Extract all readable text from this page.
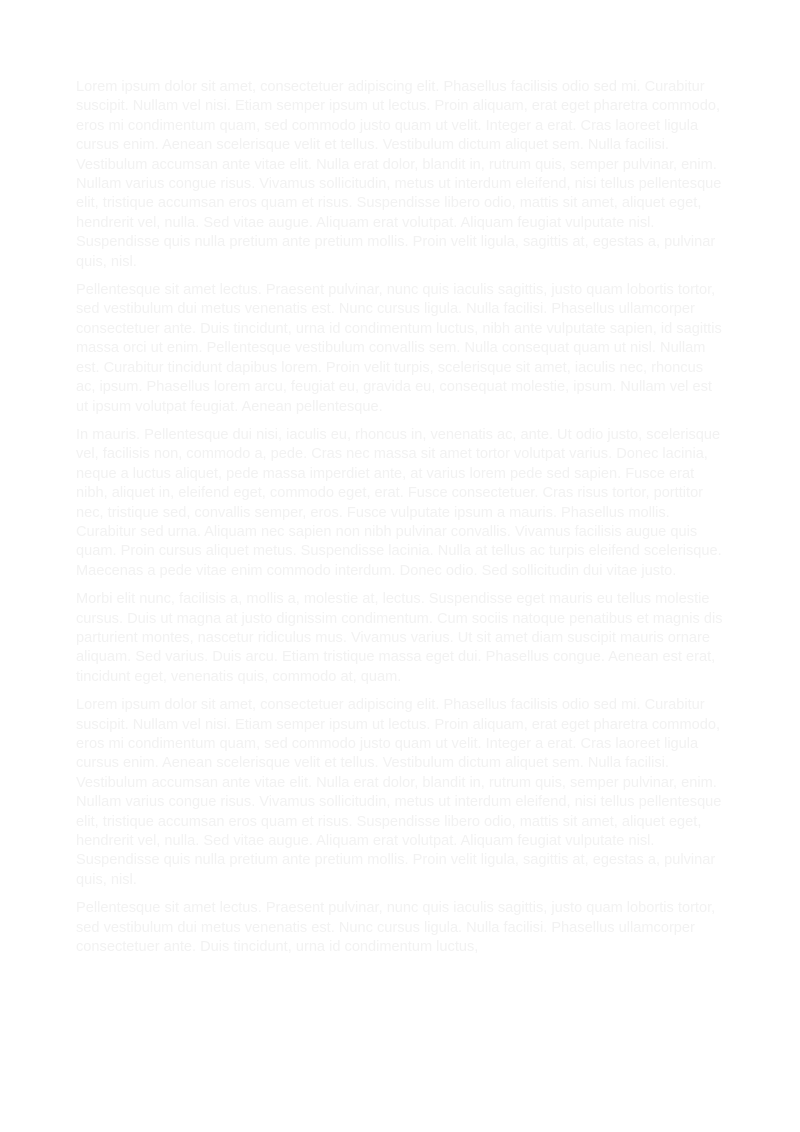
Lorem ipsum dolor sit amet, consectetuer adipiscing elit. Phasellus facilisis odio sed mi. Curabitur suscipit. Nullam vel nisi. Etiam semper ipsum ut lectus. Proin aliquam, erat eget pharetra commodo, eros mi condimentum quam, sed commodo justo quam ut velit. Integer a erat. Cras laoreet ligula cursus enim. Aenean scelerisque velit et tellus. Vestibulum dictum aliquet sem. Nulla facilisi. Vestibulum accumsan ante vitae elit. Nulla erat dolor, blandit in, rutrum quis, semper pulvinar, enim. Nullam varius congue risus. Vivamus sollicitudin, metus ut interdum eleifend, nisi tellus pellentesque elit, tristique accumsan eros quam et risus. Suspendisse libero odio, mattis sit amet, aliquet eget, hendrerit vel, nulla. Sed vitae augue. Aliquam erat volutpat. Aliquam feugiat vulputate nisl. Suspendisse quis nulla pretium ante pretium mollis. Proin velit ligula, sagittis at, egestas a, pulvinar quis, nisl.

Pellentesque sit amet lectus. Praesent pulvinar, nunc quis iaculis sagittis, justo quam lobortis tortor, sed vestibulum dui metus venenatis est. Nunc cursus ligula. Nulla facilisi. Phasellus ullamcorper consectetuer ante. Duis tincidunt, urna id condimentum luctus, nibh ante vulputate sapien, id sagittis massa orci ut enim. Pellentesque vestibulum convallis sem. Nulla consequat quam ut nisl. Nullam est. Curabitur tincidunt dapibus lorem. Proin velit turpis, scelerisque sit amet, iaculis nec, rhoncus ac, ipsum. Phasellus lorem arcu, feugiat eu, gravida eu, consequat molestie, ipsum. Nullam vel est ut ipsum volutpat feugiat. Aenean pellentesque.

In mauris. Pellentesque dui nisi, iaculis eu, rhoncus in, venenatis ac, ante. Ut odio justo, scelerisque vel, facilisis non, commodo a, pede. Cras nec massa sit amet tortor volutpat varius. Donec lacinia, neque a luctus aliquet, pede massa imperdiet ante, at varius lorem pede sed sapien. Fusce erat nibh, aliquet in, eleifend eget, commodo eget, erat. Fusce consectetuer. Cras risus tortor, porttitor nec, tristique sed, convallis semper, eros. Fusce vulputate ipsum a mauris. Phasellus mollis. Curabitur sed urna. Aliquam nec sapien non nibh pulvinar convallis. Vivamus facilisis augue quis quam. Proin cursus aliquet metus. Suspendisse lacinia. Nulla at tellus ac turpis eleifend scelerisque. Maecenas a pede vitae enim commodo interdum. Donec odio. Sed sollicitudin dui vitae justo.

Morbi elit nunc, facilisis a, mollis a, molestie at, lectus. Suspendisse eget mauris eu tellus molestie cursus. Duis ut magna at justo dignissim condimentum. Cum sociis natoque penatibus et magnis dis parturient montes, nascetur ridiculus mus. Vivamus varius. Ut sit amet diam suscipit mauris ornare aliquam. Sed varius. Duis arcu. Etiam tristique massa eget dui. Phasellus congue. Aenean est erat, tincidunt eget, venenatis quis, commodo at, quam.

Lorem ipsum dolor sit amet, consectetuer adipiscing elit. Phasellus facilisis odio sed mi. Curabitur suscipit. Nullam vel nisi. Etiam semper ipsum ut lectus. Proin aliquam, erat eget pharetra commodo, eros mi condimentum quam, sed commodo justo quam ut velit. Integer a erat. Cras laoreet ligula cursus enim. Aenean scelerisque velit et tellus. Vestibulum dictum aliquet sem. Nulla facilisi. Vestibulum accumsan ante vitae elit. Nulla erat dolor, blandit in, rutrum quis, semper pulvinar, enim. Nullam varius congue risus. Vivamus sollicitudin, metus ut interdum eleifend, nisi tellus pellentesque elit, tristique accumsan eros quam et risus. Suspendisse libero odio, mattis sit amet, aliquet eget, hendrerit vel, nulla. Sed vitae augue. Aliquam erat volutpat. Aliquam feugiat vulputate nisl. Suspendisse quis nulla pretium ante pretium mollis. Proin velit ligula, sagittis at, egestas a, pulvinar quis, nisl.

Pellentesque sit amet lectus. Praesent pulvinar, nunc quis iaculis sagittis, justo quam lobortis tortor, sed vestibulum dui metus venenatis est. Nunc cursus ligula. Nulla facilisi. Phasellus ullamcorper consectetuer ante. Duis tincidunt, urna id condimentum luctus,
